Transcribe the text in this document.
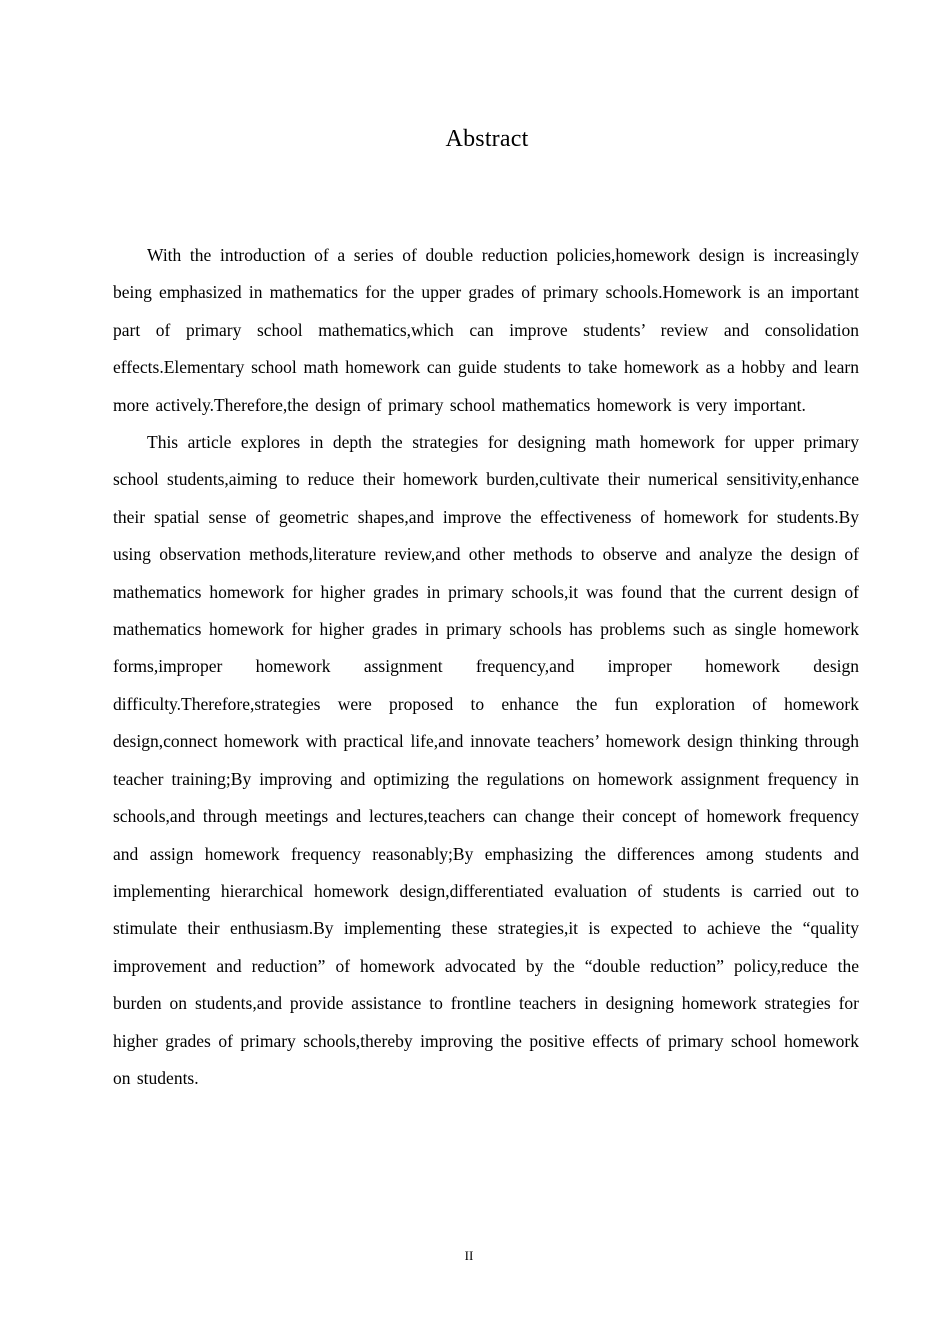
Abstract

With the introduction of a series of double reduction policies,homework design is increasingly being emphasized in mathematics for the upper grades of primary schools.Homework is an important part of primary school mathematics,which can improve students’ review and consolidation effects.Elementary school math homework can guide students to take homework as a hobby and learn more actively.Therefore,the design of primary school mathematics homework is very important.

This article explores in depth the strategies for designing math homework for upper primary school students,aiming to reduce their homework burden,cultivate their numerical sensitivity,enhance their spatial sense of geometric shapes,and improve the effectiveness of homework for students.By using observation methods,literature review,and other methods to observe and analyze the design of mathematics homework for higher grades in primary schools,it was found that the current design of mathematics homework for higher grades in primary schools has problems such as single homework forms,improper homework assignment frequency,and improper homework design difficulty.Therefore,strategies were proposed to enhance the fun exploration of homework design,connect homework with practical life,and innovate teachers’ homework design thinking through teacher training;By improving and optimizing the regulations on homework assignment frequency in schools,and through meetings and lectures,teachers can change their concept of homework frequency and assign homework frequency reasonably;By emphasizing the differences among students and implementing hierarchical homework design,differentiated evaluation of students is carried out to stimulate their enthusiasm.By implementing these strategies,it is expected to achieve the “quality improvement and reduction” of homework advocated by the “double reduction” policy,reduce the burden on students,and provide assistance to frontline teachers in designing homework strategies for higher grades of primary schools,thereby improving the positive effects of primary school homework on students.

II
